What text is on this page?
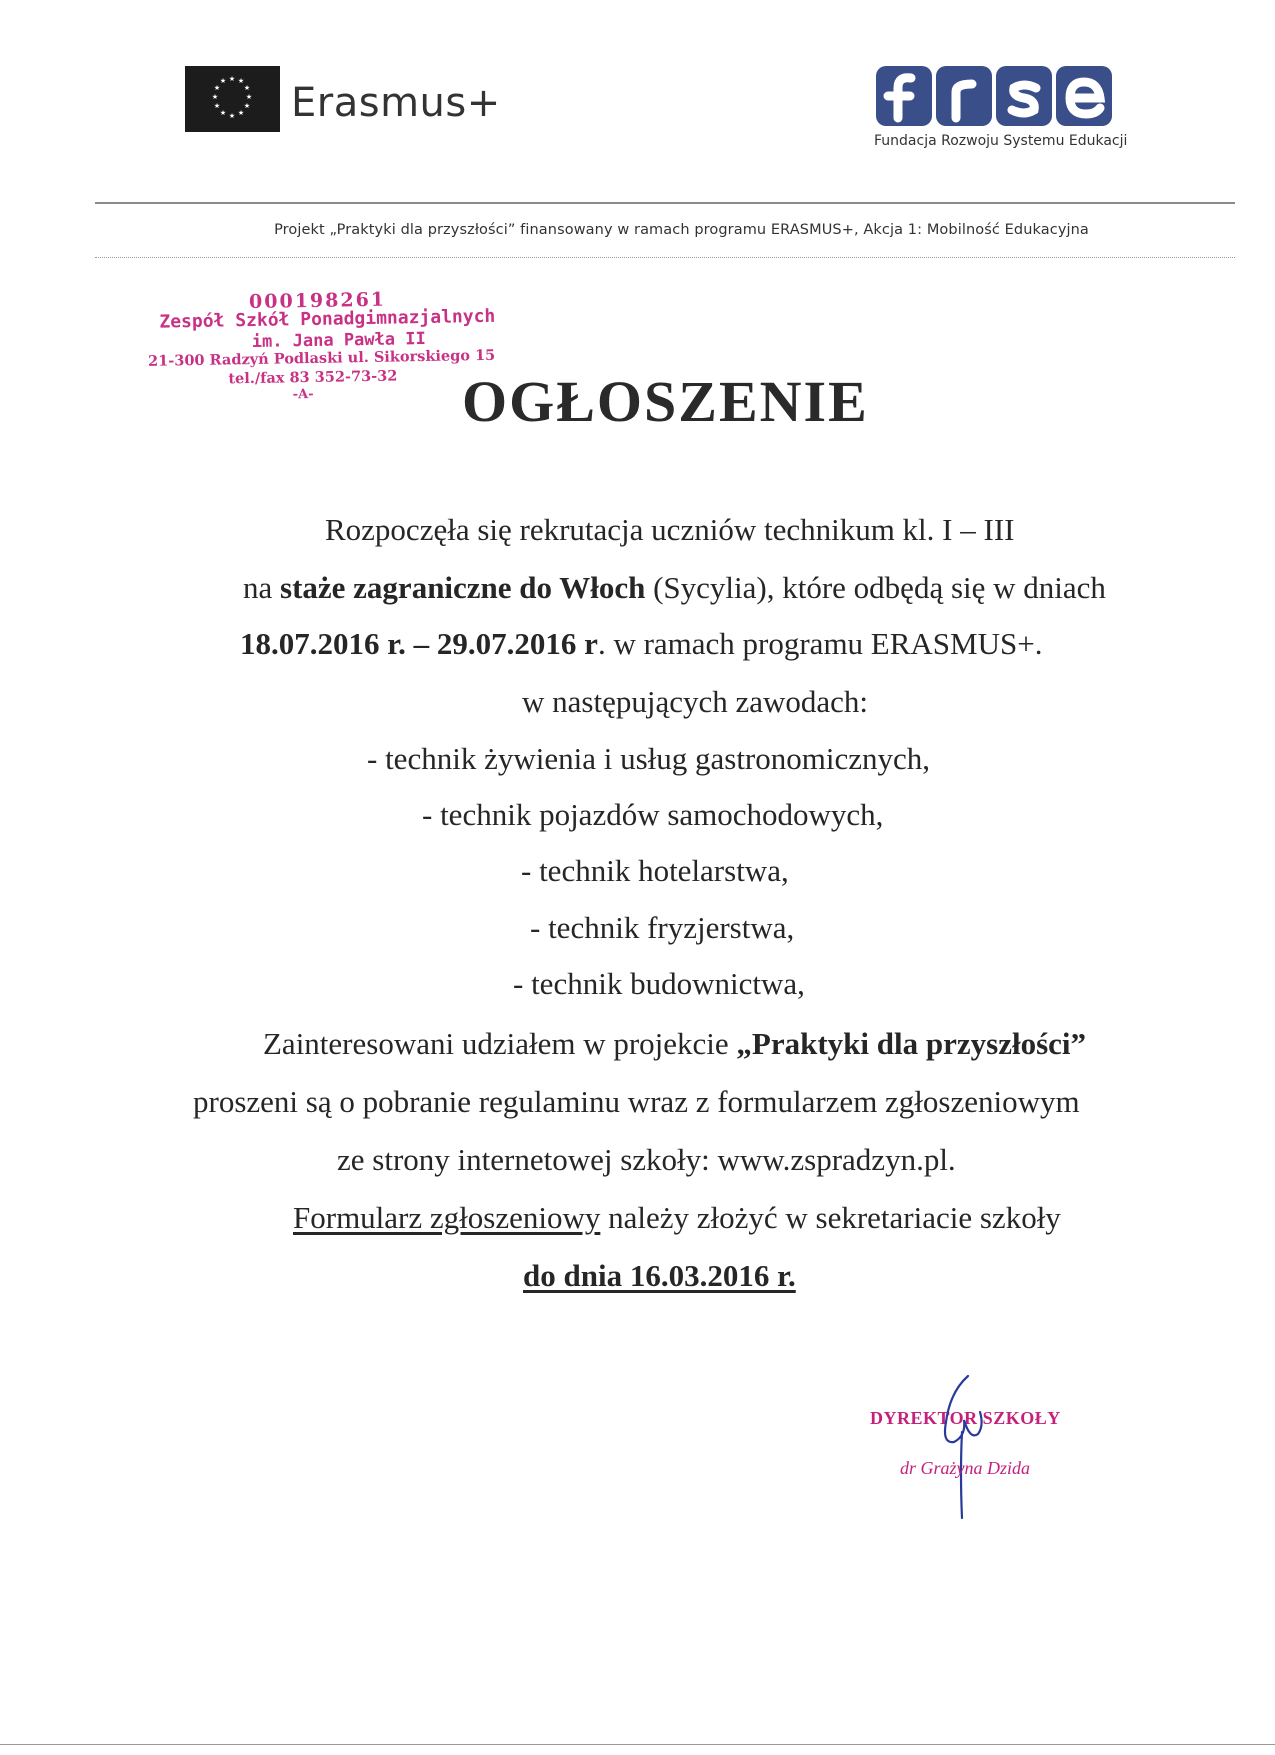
★ ★
★
★
★
★
★
★
★
★
★
★ Erasmus+
Fundacja Rozwoju Systemu Edukacji
Projekt „Praktyki dla przyszłości” finansowany w ramach programu ERASMUS+, Akcja 1: Mobilność Edukacyjna
000198261
Zespół Szkół Ponadgimnazjalnych
im. Jana Pawła II
21-300 Radzyń Podlaski ul. Sikorskiego 15
tel./fax 83 352-73-32
-A-	OGŁOSZENIE
Rozpoczęła się rekrutacja uczniów technikum kl. I – III
na staże zagraniczne do Włoch (Sycylia), które odbędą się w dniach
18.07.2016 r. – 29.07.2016 r. w ramach programu ERASMUS+.
w następujących zawodach:
- technik żywienia i usług gastronomicznych,
- technik pojazdów samochodowych,
- technik hotelarstwa,
- technik fryzjerstwa,
- technik budownictwa,
Zainteresowani udziałem w projekcie „Praktyki dla przyszłości”
proszeni są o pobranie regulaminu wraz z formularzem zgłoszeniowym
ze strony internetowej szkoły: www.zspradzyn.pl.
Formularz zgłoszeniowy należy złożyć w sekretariacie szkoły
do dnia 16.03.2016 r.
DYREKTOR SZKOŁY
dr Grażyna Dzida
